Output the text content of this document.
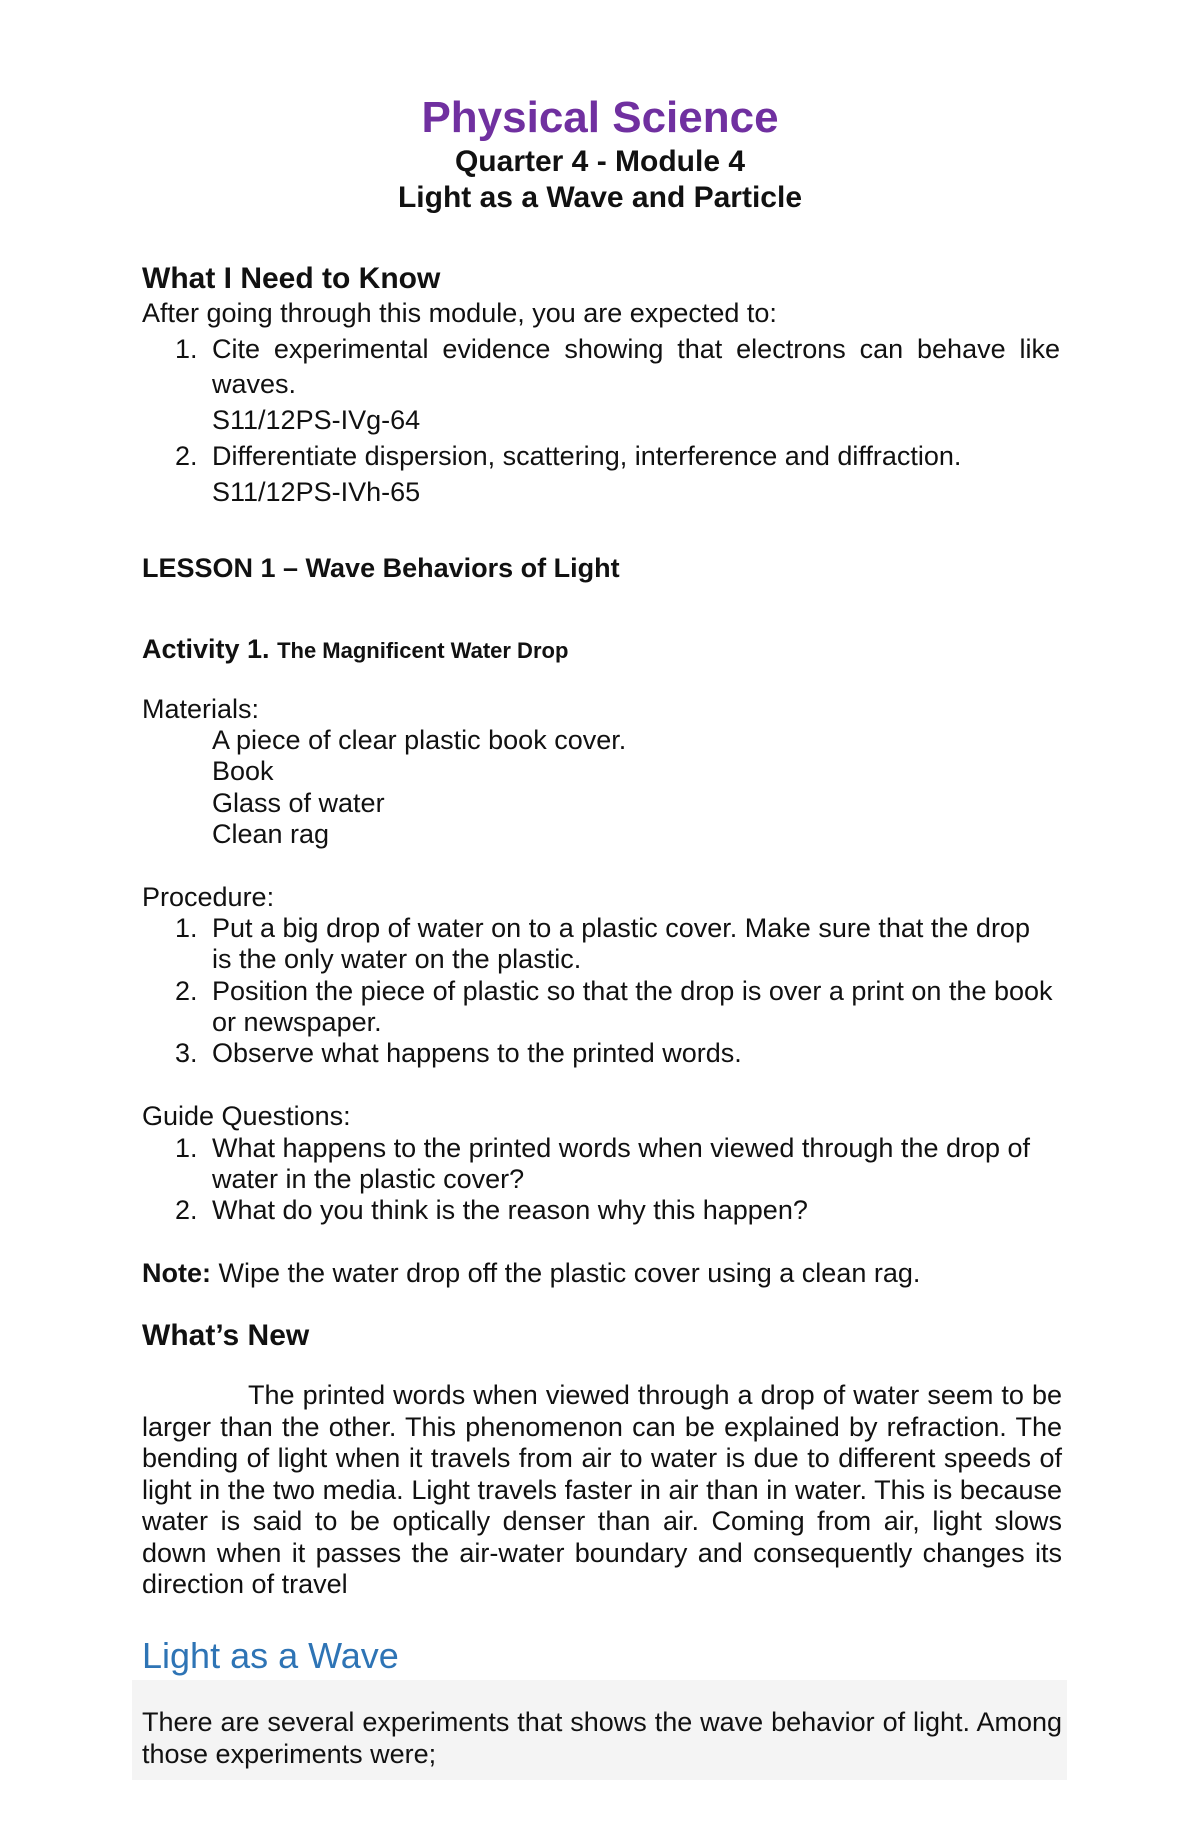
Physical Science
Quarter 4 - Module 4
Light as a Wave and Particle
What I Need to Know
After going through this module, you are expected to:
1. Cite experimental evidence showing that electrons can behave like
waves.
S11/12PS-IVg-64
2. Differentiate dispersion, scattering, interference and diffraction.
S11/12PS-IVh-65
LESSON 1 – Wave Behaviors of Light
Activity 1. The Magnificent Water Drop
Materials:
A piece of clear plastic book cover.
Book
Glass of water
Clean rag
Procedure:
1. Put a big drop of water on to a plastic cover. Make sure that the drop
is the only water on the plastic.
2. Position the piece of plastic so that the drop is over a print on the book
or newspaper.
3. Observe what happens to the printed words.
Guide Questions:
1. What happens to the printed words when viewed through the drop of
water in the plastic cover?
2. What do you think is the reason why this happen?
Note: Wipe the water drop off the plastic cover using a clean rag.
What’s New
The printed words when viewed through a drop of water seem to be larger than the other. This phenomenon can be explained by refraction. The bending of light when it travels from air to water is due to different speeds of light in the two media. Light travels faster in air than in water. This is because water is said to be optically denser than air. Coming from air, light slows down when it passes the air-water boundary and consequently changes its direction of travel
Light as a Wave
There are several experiments that shows the wave behavior of light. Among those experiments were;
